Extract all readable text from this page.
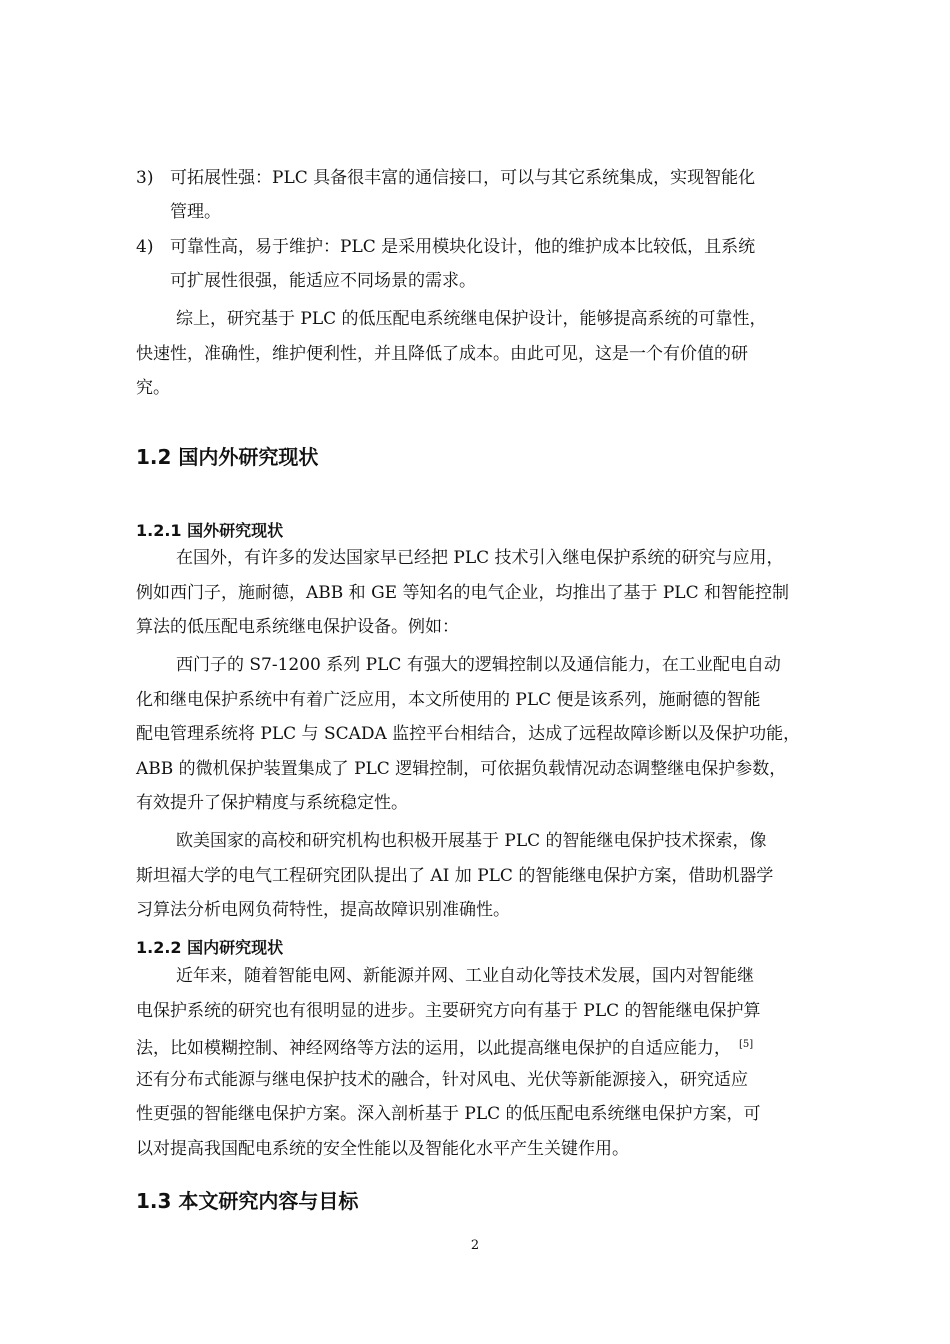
3) 可拓展性强：PLC 具备很丰富的通信接口，可以与其它系统集成，实现智能化
管理。
4) 可靠性高，易于维护：PLC 是采用模块化设计，他的维护成本比较低，且系统
可扩展性很强，能适应不同场景的需求。
综上，研究基于 PLC 的低压配电系统继电保护设计，能够提高系统的可靠性，
快速性，准确性，维护便利性，并且降低了成本。由此可见，这是一个有价值的研
究。
1.2 国内外研究现状
1.2.1 国外研究现状
在国外，有许多的发达国家早已经把 PLC 技术引入继电保护系统的研究与应用，
例如西门子，施耐德，ABB 和 GE 等知名的电气企业，均推出了基于 PLC 和智能控制
算法的低压配电系统继电保护设备。例如：
西门子的 S7-1200 系列 PLC 有强大的逻辑控制以及通信能力，在工业配电自动
化和继电保护系统中有着广泛应用，本文所使用的 PLC 便是该系列，施耐德的智能
配电管理系统将 PLC 与 SCADA 监控平台相结合，达成了远程故障诊断以及保护功能，
ABB 的微机保护装置集成了 PLC 逻辑控制，可依据负载情况动态调整继电保护参数，
有效提升了保护精度与系统稳定性。
欧美国家的高校和研究机构也积极开展基于 PLC 的智能继电保护技术探索，像
斯坦福大学的电气工程研究团队提出了 AI 加 PLC 的智能继电保护方案，借助机器学
习算法分析电网负荷特性，提高故障识别准确性。
1.2.2 国内研究现状
近年来，随着智能电网、新能源并网、工业自动化等技术发展，国内对智能继
电保护系统的研究也有很明显的进步。主要研究方向有基于 PLC 的智能继电保护算
法，比如模糊控制、神经网络等方法的运用，以此提高继电保护的自适应能力， [5]
还有分布式能源与继电保护技术的融合，针对风电、光伏等新能源接入，研究适应
性更强的智能继电保护方案。深入剖析基于 PLC 的低压配电系统继电保护方案，可
以对提高我国配电系统的安全性能以及智能化水平产生关键作用。
1.3 本文研究内容与目标
2
